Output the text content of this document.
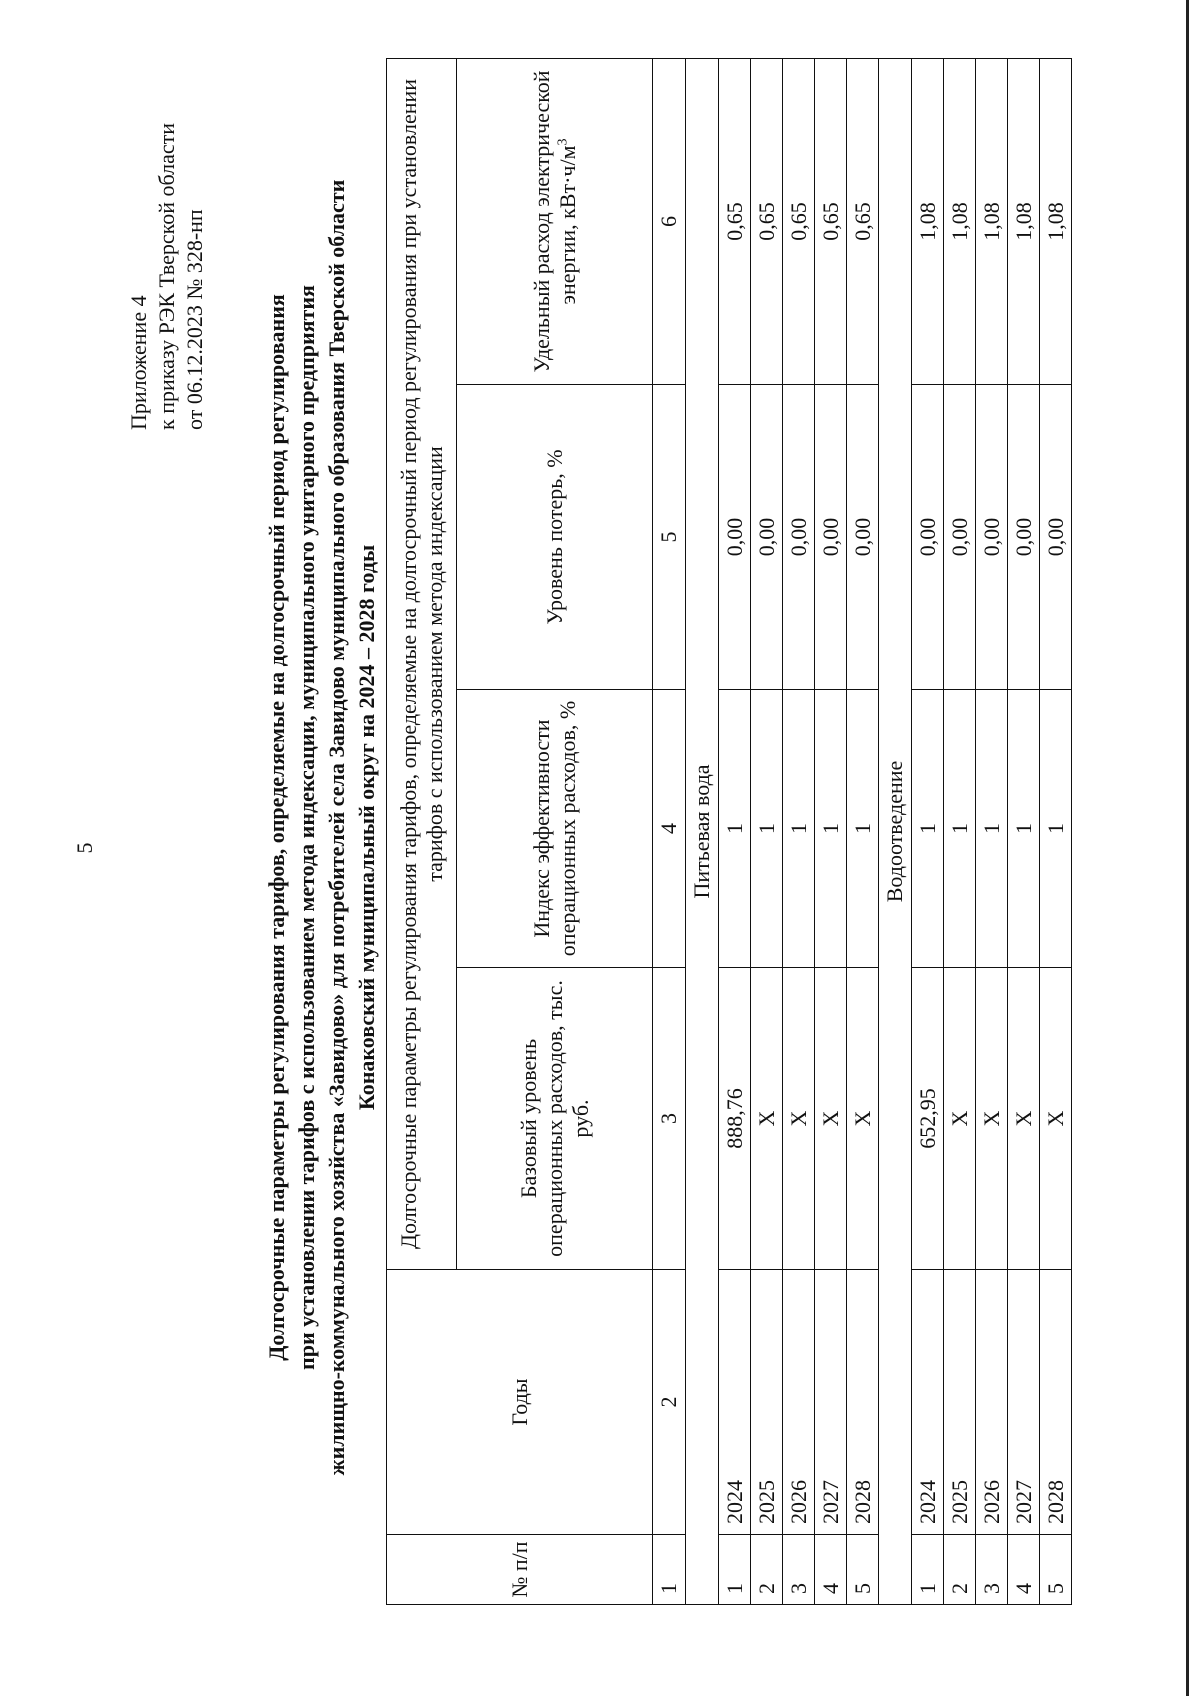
5
Приложение 4 к приказу РЭК Тверской области от 06.12.2023 № 328-нп	Долгосрочные параметры регулирования тарифов, определяемые на долгосрочный период регулирования при установлении тарифов с использованием метода индексации, муниципального унитарного предприятия жилищно-коммунального хозяйства «Завидово» для потребителей села Завидово муниципального образования Тверской области Конаковский муниципальный округ на 2024 – 2028 годы
№ п/п	Годы	Долгосрочные параметры регулирования тарифов, определяемые на долгосрочный период регулирования при установлении тарифов с использованием метода индексации			
		Базовый уровень операционных расходов, тыс. руб.	Индекс эффективности операционных расходов, %	Уровень потерь, %	Удельный расход электрической энергии, $кВт\cdot ч/м^3$
1	2	3	4	5	6
Питьевая вода					
1	2024	888,76	1	0,00	0,65
2	2025	Х	1	0,00	0,65
3	2026	Х	1	0,00	0,65
4	2027	Х	1	0,00	0,65
5	2028	Х	1	0,00	0,65
Водоотведение					
1	2024	652,95	1	0,00	1,08
2	2025	Х	1	0,00	1,08
3	2026	Х	1	0,00	1,08
4	2027	Х	1	0,00	1,08
5	2028	Х	1	0,00	1,08
